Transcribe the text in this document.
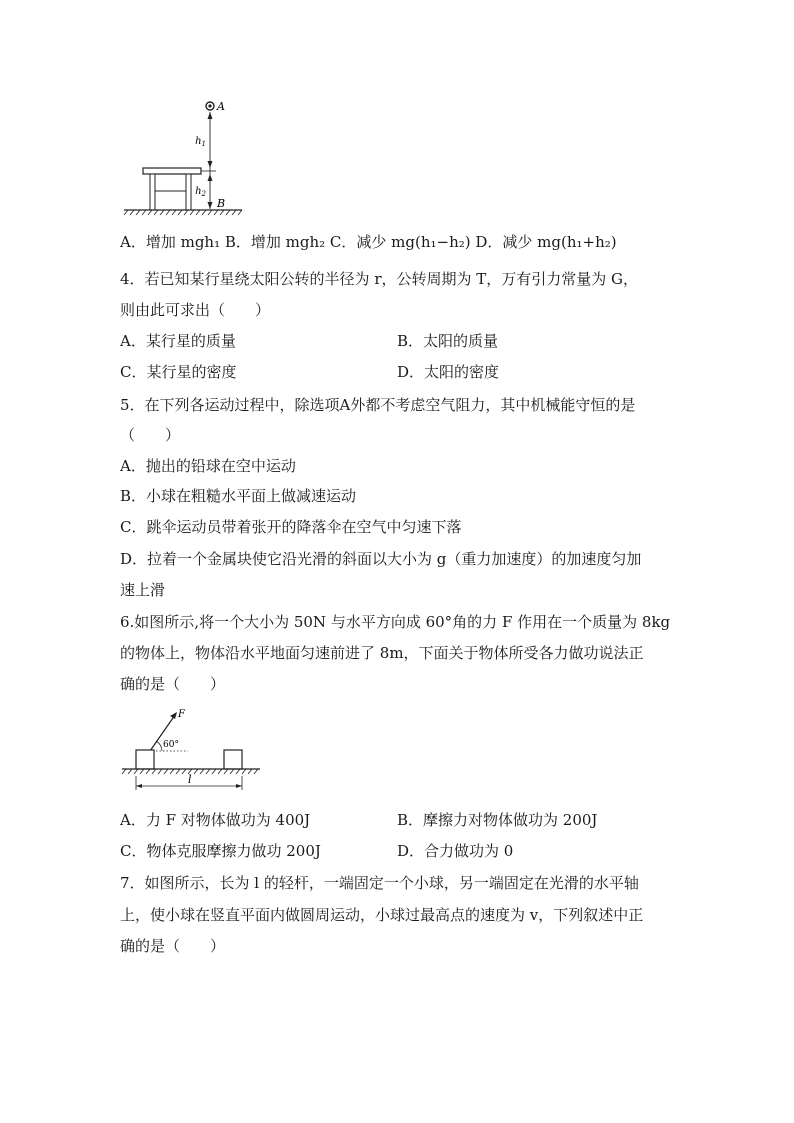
A
$h_1$
$h_2$
B
A．增加 mgh₁ B．增加 mgh₂ C．减少 mg(h₁−h₂) D．减少 mg(h₁+h₂)
4．若已知某行星绕太阳公转的半径为 r，公转周期为 T，万有引力常量为 G，
则由此可求出（　　）
A．某行星的质量	B．太阳的质量
C．某行星的密度	D．太阳的密度
5．在下列各运动过程中，除选项A外都不考虑空气阻力，其中机械能守恒的是
（　　）
A．抛出的铅球在空中运动
B．小球在粗糙水平面上做减速运动
C．跳伞运动员带着张开的降落伞在空气中匀速下落
D．拉着一个金属块使它沿光滑的斜面以大小为 g（重力加速度）的加速度匀加
速上滑
6.如图所示,将一个大小为 50N 与水平方向成 60°角的力 F 作用在一个质量为 8kg
的物体上，物体沿水平地面匀速前进了 8m，下面关于物体所受各力做功说法正
确的是（　　）
F
60°
l
A．力 F 对物体做功为 400J	B．摩擦力对物体做功为 200J
C．物体克服摩擦力做功 200J	D．合力做功为 0
7．如图所示，长为 l 的轻杆，一端固定一个小球，另一端固定在光滑的水平轴
上，使小球在竖直平面内做圆周运动，小球过最高点的速度为 v，下列叙述中正
确的是（　　）
